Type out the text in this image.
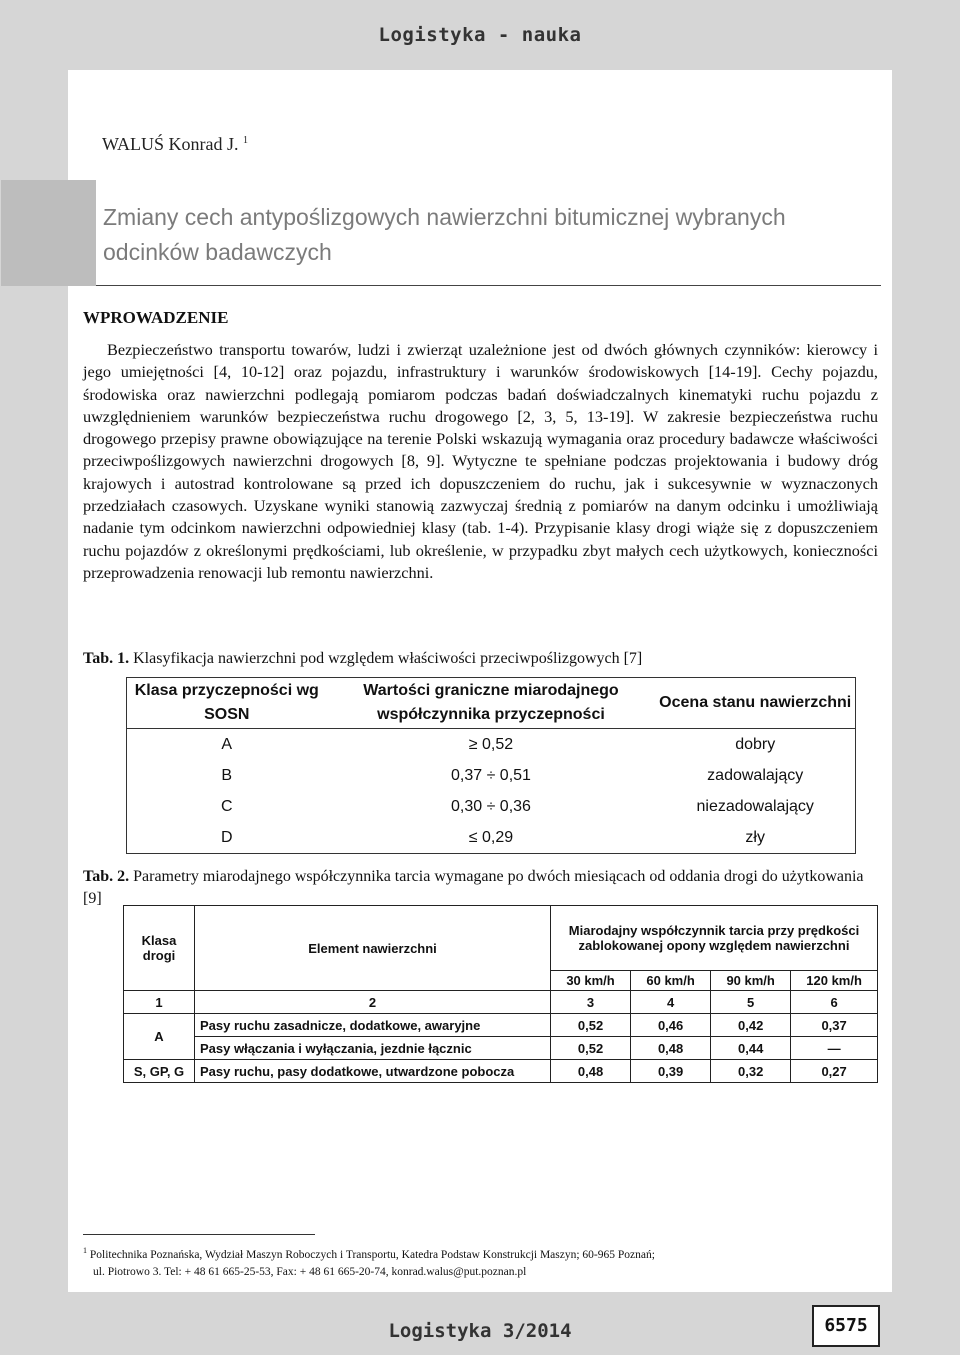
Logistyka - nauka
WALUŚ Konrad J. $^1$
Zmiany cech antypoślizgowych nawierzchni bitumicznej wybranych odcinków badawczych
WPROWADZENIE

Bezpieczeństwo transportu towarów, ludzi i zwierząt uzależnione jest od dwóch głównych czynników: kierowcy i jego umiejętności [4, 10-12] oraz pojazdu, infrastruktury i warunków środowiskowych [14-19]. Cechy pojazdu, środowiska oraz nawierzchni podlegają pomiarom podczas badań doświadczalnych kinematyki ruchu pojazdu z uwzględnieniem warunków bezpieczeństwa ruchu drogowego [2, 3, 5, 13-19]. W zakresie bezpieczeństwa ruchu drogowego przepisy prawne obowiązujące na terenie Polski wskazują wymagania oraz procedury badawcze właściwości przeciwpoślizgowych nawierzchni drogowych [8, 9]. Wytyczne te spełniane podczas projektowania i budowy dróg krajowych i autostrad kontrolowane są przed ich dopuszczeniem do ruchu, jak i sukcesywnie w wyznaczonych przedziałach czasowych. Uzyskane wyniki stanowią zazwyczaj średnią z pomiarów na danym odcinku i umożliwiają nadanie tym odcinkom nawierzchni odpowiedniej klasy (tab. 1-4). Przypisanie klasy drogi wiąże się z dopuszczeniem ruchu pojazdów z określonymi prędkościami, lub określenie, w przypadku zbyt małych cech użytkowych, konieczności przeprowadzenia renowacji lub remontu nawierzchni.

Tab. 1. Klasyfikacja nawierzchni pod względem właściwości przeciwpoślizgowych [7]
Klasa przyczepności wg SOSN	Wartości graniczne miarodajnego współczynnika przyczepności	Ocena stanu nawierzchni
A	≥ 0,52	dobry
B	0,37 ÷ 0,51	zadowalający
C	0,30 ÷ 0,36	niezadowalający
D	≤ 0,29	zły
Tab. 2. Parametry miarodajnego współczynnika tarcia wymagane po dwóch miesiącach od oddania drogi do użytkowania [9]
Klasa drogi	Element nawierzchni	Miarodajny współczynnik tarcia przy prędkości zablokowanej opony względem nawierzchni			
		30 km/h	60 km/h	90 km/h	120 km/h
1	2	3	4	5	6
A	Pasy ruchu zasadnicze, dodatkowe, awaryjne	0,52	0,46	0,42	0,37
	Pasy włączania i wyłączania, jezdnie łącznic	0,52	0,48	0,44	—
S, GP, G	Pasy ruchu, pasy dodatkowe, utwardzone pobocza	0,48	0,39	0,32	0,27
$^1$ Politechnika Poznańska, Wydział Maszyn Roboczych i Transportu, Katedra Podstaw Konstrukcji Maszyn; 60-965 Poznań;
ul. Piotrowo 3. Tel: + 48 61 665-25-53, Fax: + 48 61 665-20-74, konrad.walus@put.poznan.pl
Logistyka 3/2014	6575
